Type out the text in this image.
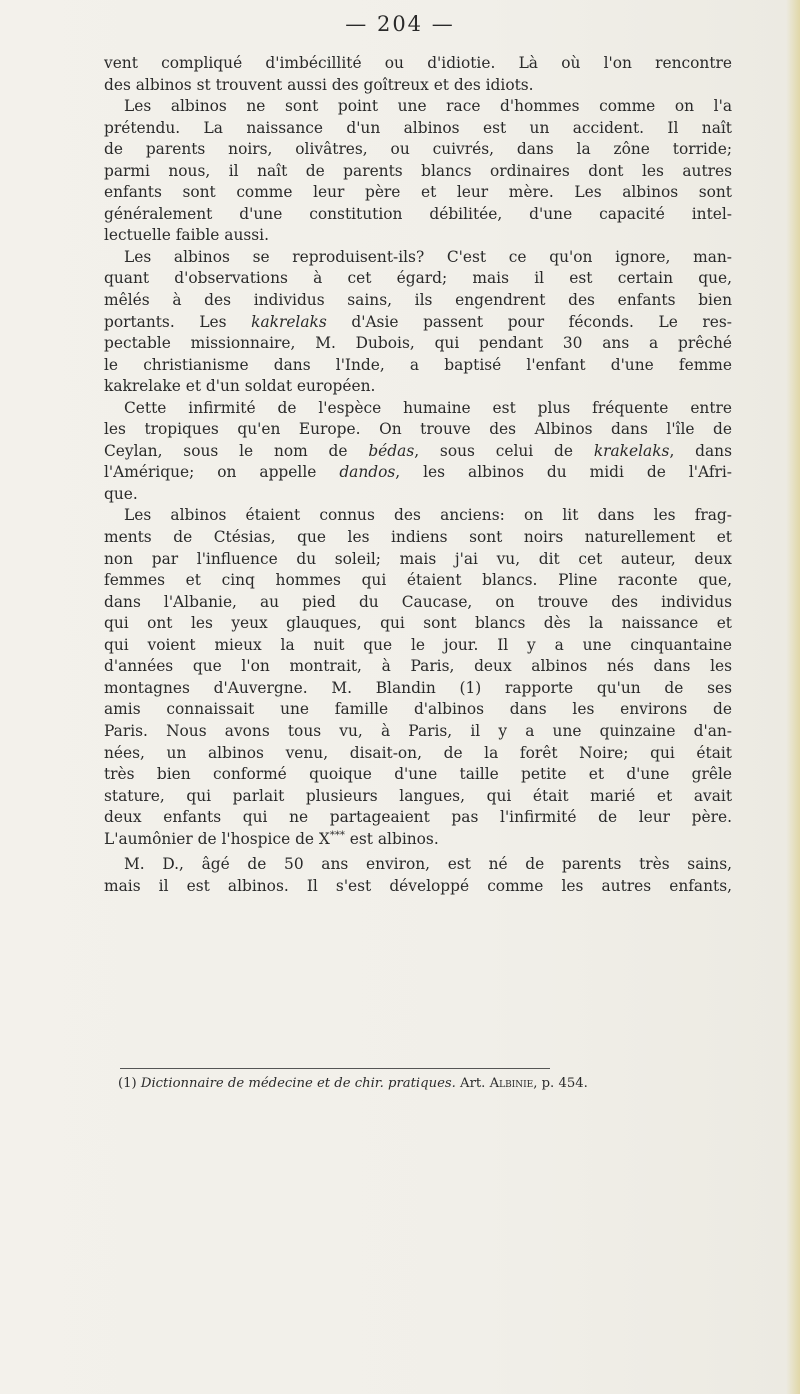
— 204 —
vent compliqué d'imbécillité ou d'idiotie. Là où l'on rencontre
des albinos st trouvent aussi des goîtreux et des idiots.
Les albinos ne sont point une race d'hommes comme on l'a
prétendu. La naissance d'un albinos est un accident. Il naît
de parents noirs, olivâtres, ou cuivrés, dans la zône torride;
parmi nous, il naît de parents blancs ordinaires dont les autres
enfants sont comme leur père et leur mère. Les albinos sont
généralement d'une constitution débilitée, d'une capacité intel-
lectuelle faible aussi.
Les albinos se reproduisent-ils? C'est ce qu'on ignore, man-
quant d'observations à cet égard; mais il est certain que,
mêlés à des individus sains, ils engendrent des enfants bien
portants. Les kakrelaks d'Asie passent pour féconds. Le res-
pectable missionnaire, M. Dubois, qui pendant 30 ans a prêché
le christianisme dans l'Inde, a baptisé l'enfant d'une femme
kakrelake et d'un soldat européen.
Cette infirmité de l'espèce humaine est plus fréquente entre
les tropiques qu'en Europe. On trouve des Albinos dans l'île de
Ceylan, sous le nom de bédas, sous celui de krakelaks, dans
l'Amérique; on appelle dandos, les albinos du midi de l'Afri-
que.
Les albinos étaient connus des anciens: on lit dans les frag-
ments de Ctésias, que les indiens sont noirs naturellement et
non par l'influence du soleil; mais j'ai vu, dit cet auteur, deux
femmes et cinq hommes qui étaient blancs. Pline raconte que,
dans l'Albanie, au pied du Caucase, on trouve des individus
qui ont les yeux glauques, qui sont blancs dès la naissance et
qui voient mieux la nuit que le jour. Il y a une cinquantaine
d'années que l'on montrait, à Paris, deux albinos nés dans les
montagnes d'Auvergne. M. Blandin (1) rapporte qu'un de ses
amis connaissait une famille d'albinos dans les environs de
Paris. Nous avons tous vu, à Paris, il y a une quinzaine d'an-
nées, un albinos venu, disait-on, de la forêt Noire; qui était
très bien conformé quoique d'une taille petite et d'une grêle
stature, qui parlait plusieurs langues, qui était marié et avait
deux enfants qui ne partageaient pas l'infirmité de leur père.
L'aumônier de l'hospice de X*** est albinos.
M. D., âgé de 50 ans environ, est né de parents très sains,
mais il est albinos. Il s'est développé comme les autres enfants,
(1) Dictionnaire de médecine et de chir. pratiques. Art. Albinie, p. 454.
